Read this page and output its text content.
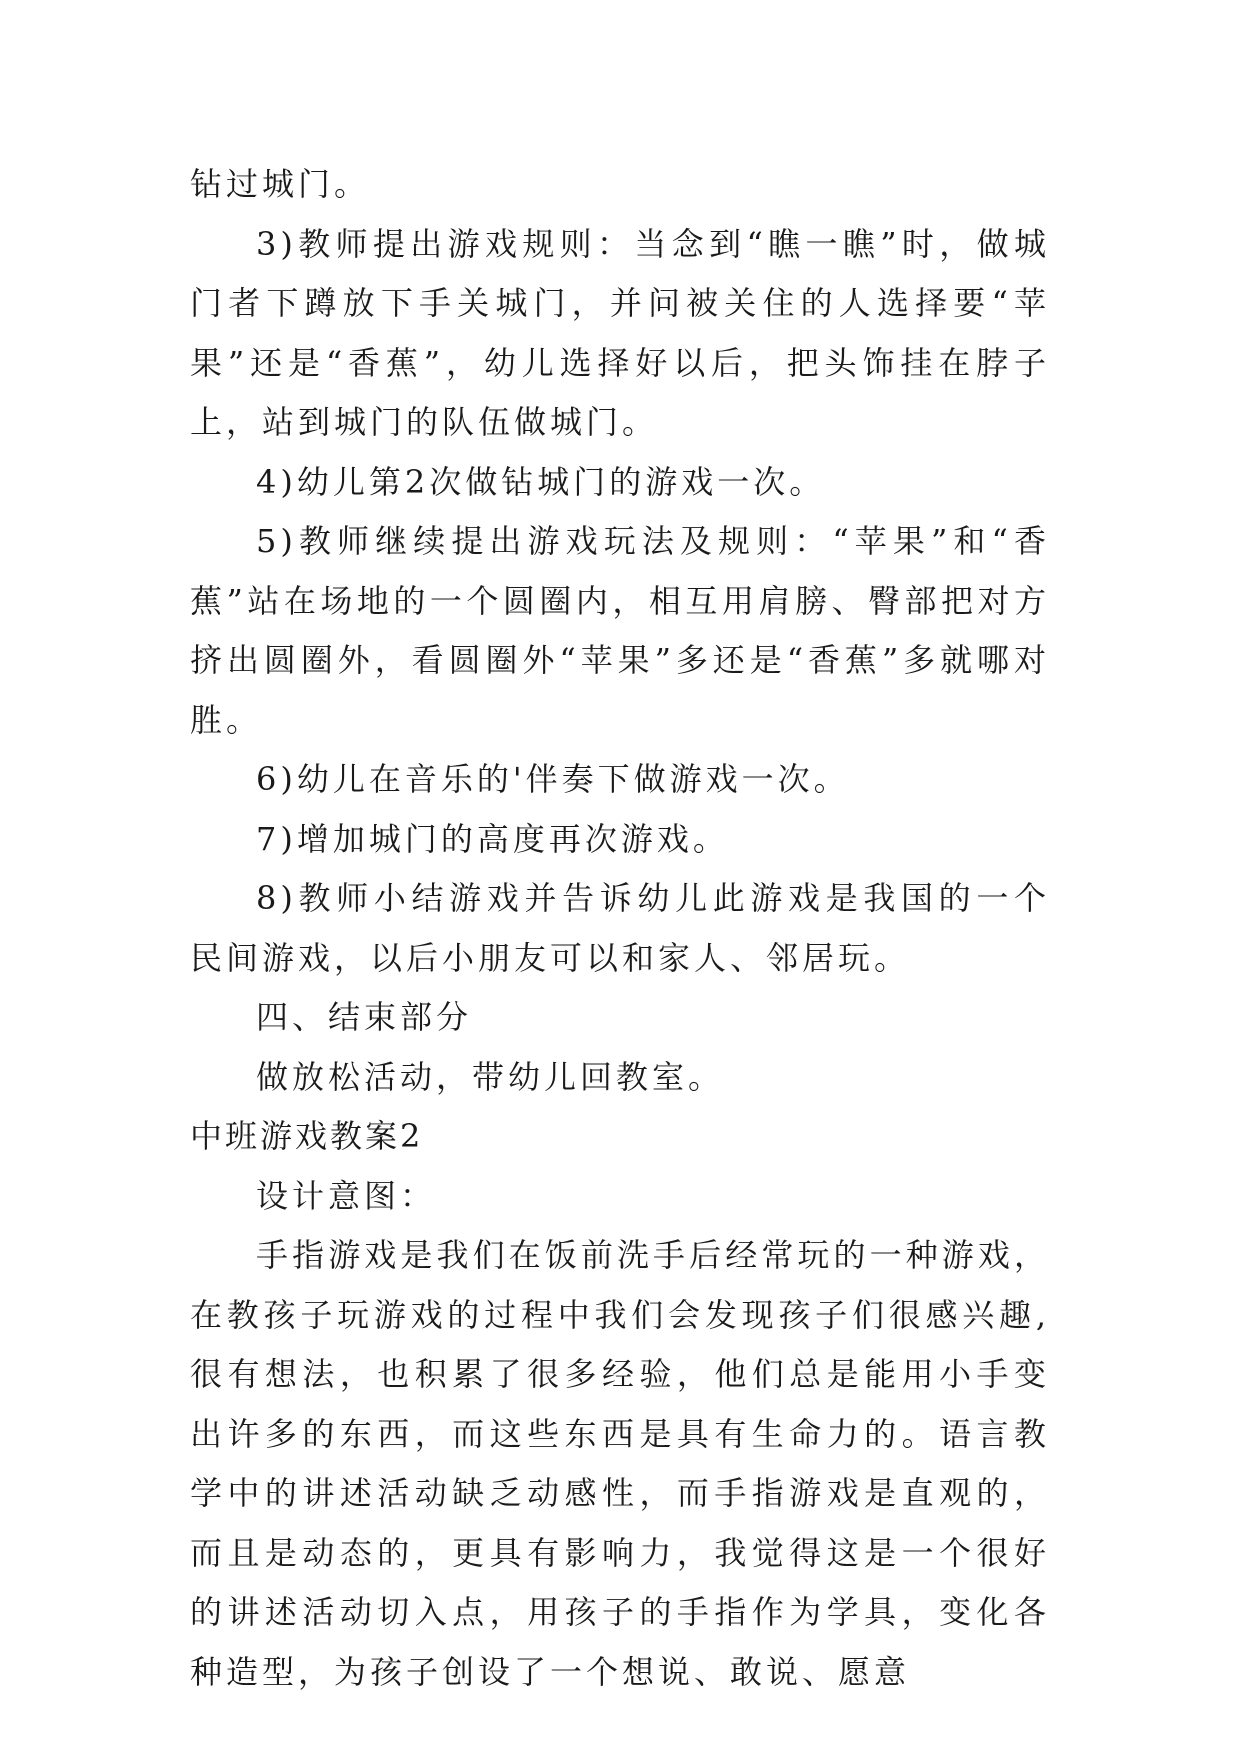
钻过城门。

3)教师提出游戏规则：当念到“瞧一瞧”时，做城门者下蹲放下手关城门，并问被关住的人选择要“苹果”还是“香蕉”，幼儿选择好以后，把头饰挂在脖子上，站到城门的队伍做城门。

4)幼儿第2次做钻城门的游戏一次。

5)教师继续提出游戏玩法及规则：“苹果”和“香蕉”站在场地的一个圆圈内，相互用肩膀、臀部把对方挤出圆圈外，看圆圈外“苹果”多还是“香蕉”多就哪对胜。

6)幼儿在音乐的'伴奏下做游戏一次。

7)增加城门的高度再次游戏。

8)教师小结游戏并告诉幼儿此游戏是我国的一个民间游戏，以后小朋友可以和家人、邻居玩。

四、结束部分

做放松活动，带幼儿回教室。

中班游戏教案2

设计意图：

手指游戏是我们在饭前洗手后经常玩的一种游戏，在教孩子玩游戏的过程中我们会发现孩子们很感兴趣,很有想法，也积累了很多经验，他们总是能用小手变出许多的东西，而这些东西是具有生命力的。语言教学中的讲述活动缺乏动感性，而手指游戏是直观的，而且是动态的，更具有影响力，我觉得这是一个很好的讲述活动切入点，用孩子的手指作为学具，变化各种造型，为孩子创设了一个想说、敢说、愿意
